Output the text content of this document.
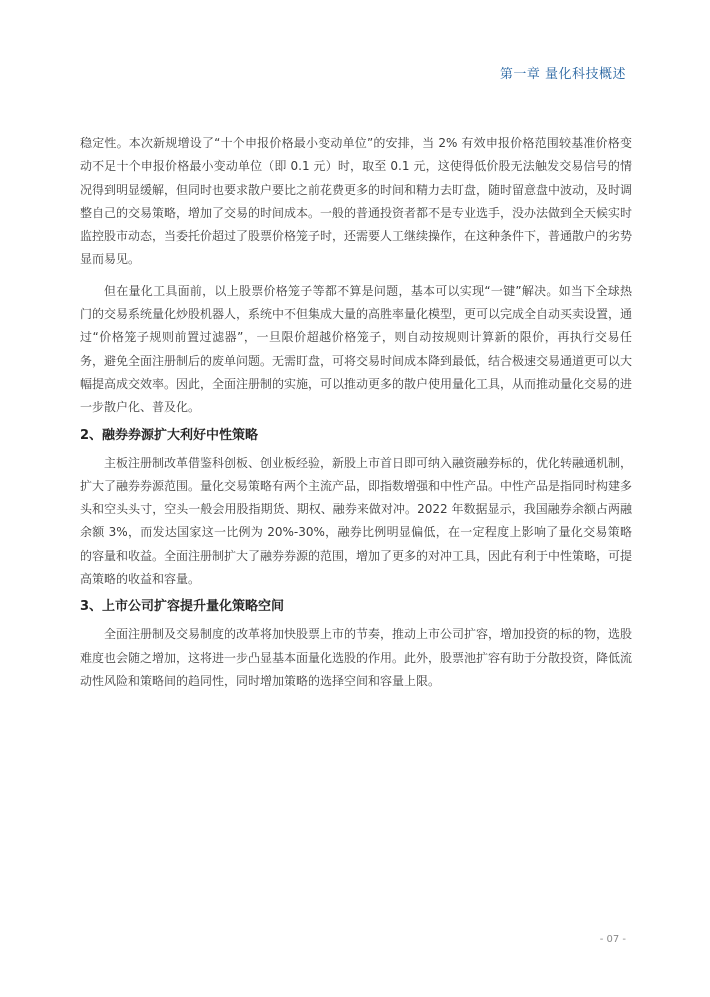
第一章 量化科技概述

稳定性。本次新规增设了“十个申报价格最小变动单位”的安排，当 2% 有效申报价格范围较基准价格变动不足十个申报价格最小变动单位（即 0.1 元）时，取至 0.1 元，这使得低价股无法触发交易信号的情况得到明显缓解，但同时也要求散户要比之前花费更多的时间和精力去盯盘，随时留意盘中波动，及时调整自己的交易策略，增加了交易的时间成本。一般的普通投资者都不是专业选手，没办法做到全天候实时监控股市动态，当委托价超过了股票价格笼子时，还需要人工继续操作，在这种条件下，普通散户的劣势显而易见。

但在量化工具面前，以上股票价格笼子等都不算是问题，基本可以实现“一键”解决。如当下全球热门的交易系统量化炒股机器人，系统中不但集成大量的高胜率量化模型，更可以完成全自动买卖设置，通过“价格笼子规则前置过滤器”，一旦限价超越价格笼子，则自动按规则计算新的限价，再执行交易任务，避免全面注册制后的废单问题。无需盯盘，可将交易时间成本降到最低，结合极速交易通道更可以大幅提高成交效率。因此，全面注册制的实施，可以推动更多的散户使用量化工具，从而推动量化交易的进一步散户化、普及化。

2、融券券源扩大利好中性策略

主板注册制改革借鉴科创板、创业板经验，新股上市首日即可纳入融资融券标的，优化转融通机制，扩大了融券券源范围。量化交易策略有两个主流产品，即指数增强和中性产品。中性产品是指同时构建多头和空头头寸，空头一般会用股指期货、期权、融券来做对冲。2022 年数据显示，我国融券余额占两融余额 3%，而发达国家这一比例为 20%-30%，融券比例明显偏低，在一定程度上影响了量化交易策略的容量和收益。全面注册制扩大了融券券源的范围，增加了更多的对冲工具，因此有利于中性策略，可提高策略的收益和容量。

3、上市公司扩容提升量化策略空间

全面注册制及交易制度的改革将加快股票上市的节奏，推动上市公司扩容，增加投资的标的物，选股难度也会随之增加，这将进一步凸显基本面量化选股的作用。此外，股票池扩容有助于分散投资，降低流动性风险和策略间的趋同性，同时增加策略的选择空间和容量上限。

- 07 -
